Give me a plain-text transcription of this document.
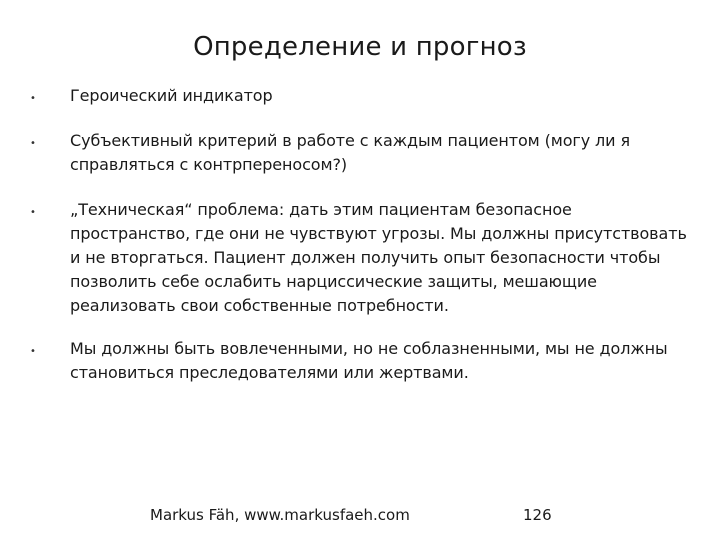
Определение и прогноз
• Героический индикатор
• Субъективный критерий в работе с каждым пациентом (могу ли я справляться с контрпереносом?)
• „Техническая“ проблема: дать этим пациентам безопасное пространство, где они не чувствуют угрозы. Мы должны присутствовать и не вторгаться. Пациент должен получить опыт безопасности чтобы позволить себе ослабить нарциссические защиты, мешающие реализовать свои собственные потребности.
• Мы должны быть вовлеченными, но не соблазненными, мы не должны становиться преследователями или жертвами.
Markus Fäh, www.markusfaeh.com	126
